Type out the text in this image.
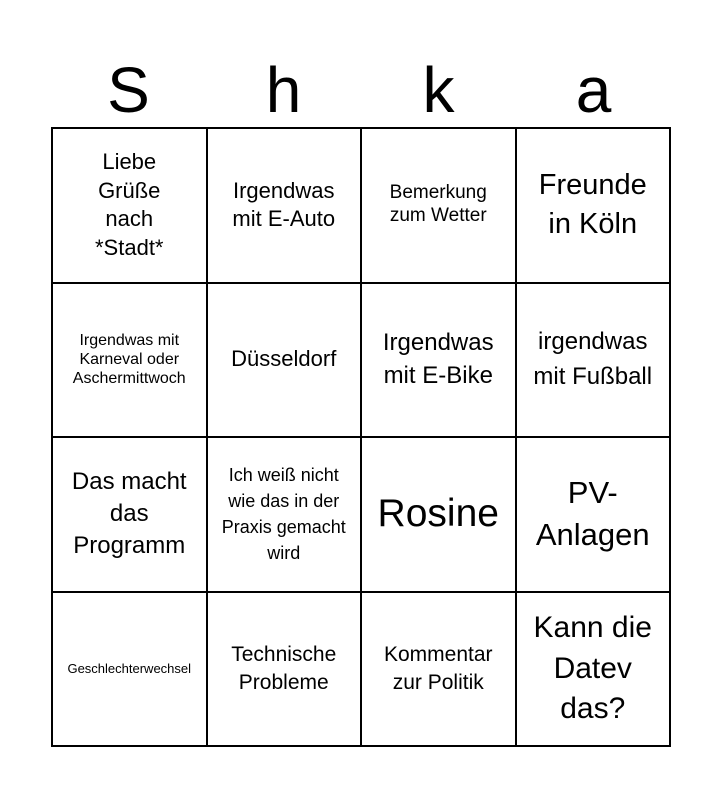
S	h	k	a
Liebe Grüße nach *Stadt*
Irgendwas mit E-Auto
Bemerkung zum Wetter
Freunde in Köln
Irgendwas mit Karneval oder Aschermittwoch
Düsseldorf
Irgendwas mit E-Bike
irgendwas mit Fußball
Das macht das Programm
Ich weiß nicht wie das in der Praxis gemacht wird
Rosine	PV-Anlagen
Geschlechterwechsel
Technische Probleme
Kommentar zur Politik
Kann die Datev das?
